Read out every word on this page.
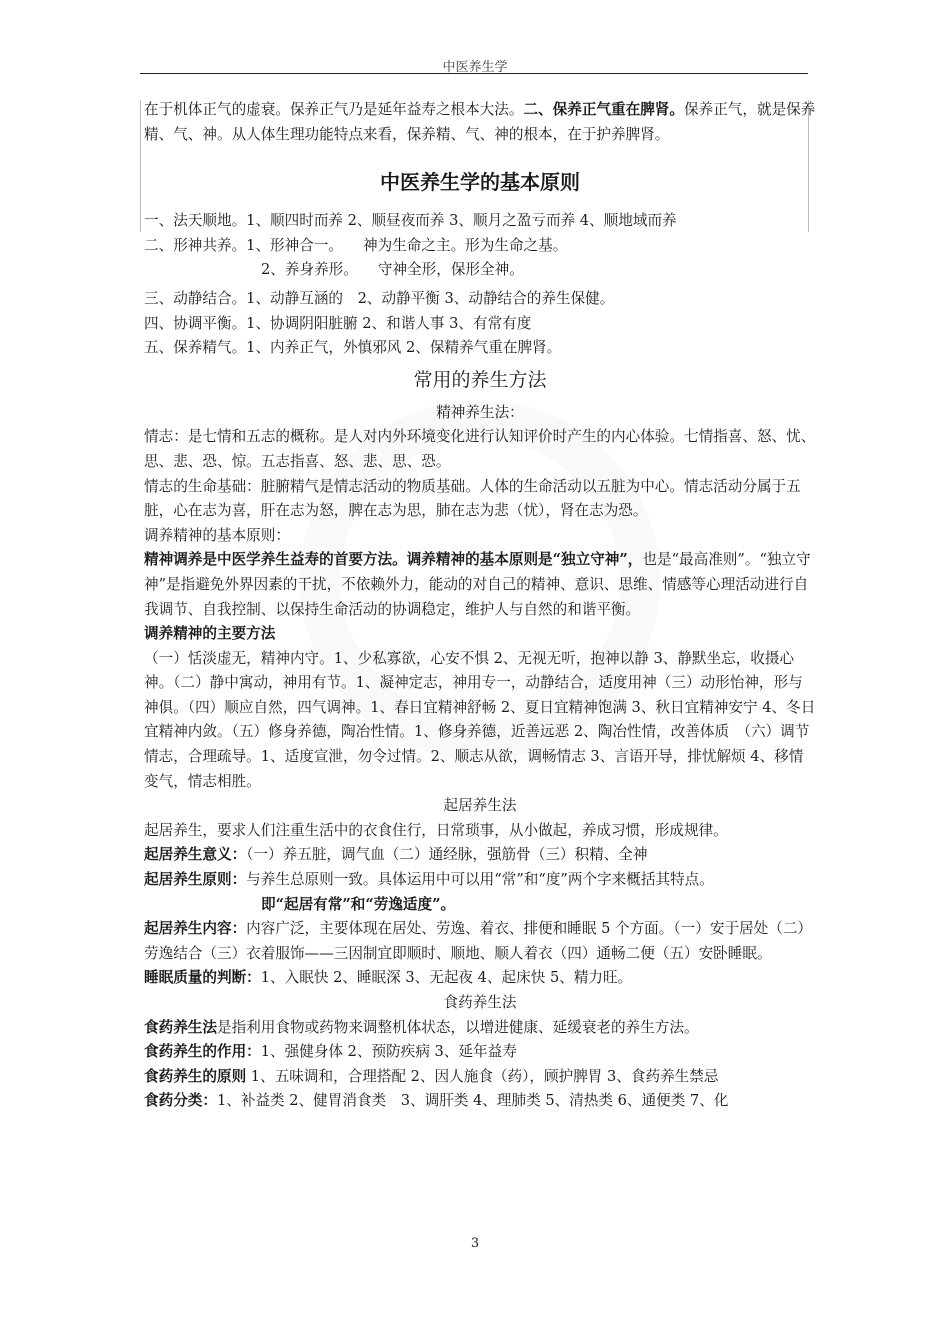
中医养生学

在于机体正气的虚衰。保养正气乃是延年益寿之根本大法。二、保养正气重在脾肾。保养正气，就是保养精、气、神。从人体生理功能特点来看，保养精、气、神的根本，在于护养脾肾。

中医养生学的基本原则

一、法天顺地。1、顺四时而养 2、顺昼夜而养 3、顺月之盈亏而养 4、顺地域而养

二、形神共养。1、形神合一。 神为生命之主。形为生命之基。

2、养身养形。 守神全形，保形全神。

三、动静结合。1、动静互涵的　2、动静平衡 3、动静结合的养生保健。

四、协调平衡。1、协调阴阳脏腑 2、和谐人事 3、有常有度

五、保养精气。1、内养正气，外慎邪风 2、保精养气重在脾肾。

常用的养生方法
精神养生法：

情志：是七情和五志的概称。是人对内外环境变化进行认知评价时产生的内心体验。七情指喜、怒、忧、思、悲、恐、惊。五志指喜、怒、悲、思、恐。

情志的生命基础：脏腑精气是情志活动的物质基础。人体的生命活动以五脏为中心。情志活动分属于五脏，心在志为喜，肝在志为怒，脾在志为思，肺在志为悲（忧），肾在志为恐。

调养精神的基本原则：

精神调养是中医学养生益寿的首要方法。调养精神的基本原则是“独立守神”，也是“最高准则”。“独立守神”是指避免外界因素的干扰，不依赖外力，能动的对自己的精神、意识、思维、情感等心理活动进行自我调节、自我控制、以保持生命活动的协调稳定，维护人与自然的和谐平衡。

调养精神的主要方法

（一）恬淡虚无，精神内守。1、少私寡欲，心安不惧 2、无视无听，抱神以静 3、静默坐忘，收摄心神。（二）静中寓动，神用有节。1、凝神定志，神用专一，动静结合，适度用神（三）动形怡神，形与神俱。（四）顺应自然，四气调神。1、春日宜精神舒畅 2、夏日宜精神饱满 3、秋日宜精神安宁 4、冬日宜精神内敛。（五）修身养德，陶冶性情。1、修身养德，近善远恶 2、陶冶性情，改善体质　（六）调节情志，合理疏导。1、适度宣泄，勿令过情。2、顺志从欲，调畅情志 3、言语开导，排忧解烦 4、移情变气，情志相胜。

起居养生法

起居养生，要求人们注重生活中的衣食住行，日常琐事，从小做起，养成习惯，形成规律。

起居养生意义：（一）养五脏，调气血（二）通经脉，强筋骨（三）积精、全神

起居养生原则：与养生总原则一致。具体运用中可以用“常”和“度”两个字来概括其特点。

即“起居有常”和“劳逸适度”。

起居养生内容：内容广泛，主要体现在居处、劳逸、着衣、排便和睡眠 5 个方面。（一）安于居处（二）劳逸结合（三）衣着服饰——三因制宜即顺时、顺地、顺人着衣（四）通畅二便（五）安卧睡眠。

睡眠质量的判断：1、入眠快 2、睡眠深 3、无起夜 4、起床快 5、精力旺。

食药养生法

食药养生法是指利用食物或药物来调整机体状态，以增进健康、延缓衰老的养生方法。

食药养生的作用：1、强健身体 2、预防疾病 3、延年益寿

食药养生的原则 1、五味调和，合理搭配 2、因人施食（药），顾护脾胃 3、食药养生禁忌

食药分类：1、补益类 2、健胃消食类　3、调肝类 4、理肺类 5、清热类 6、通便类 7、化

3
